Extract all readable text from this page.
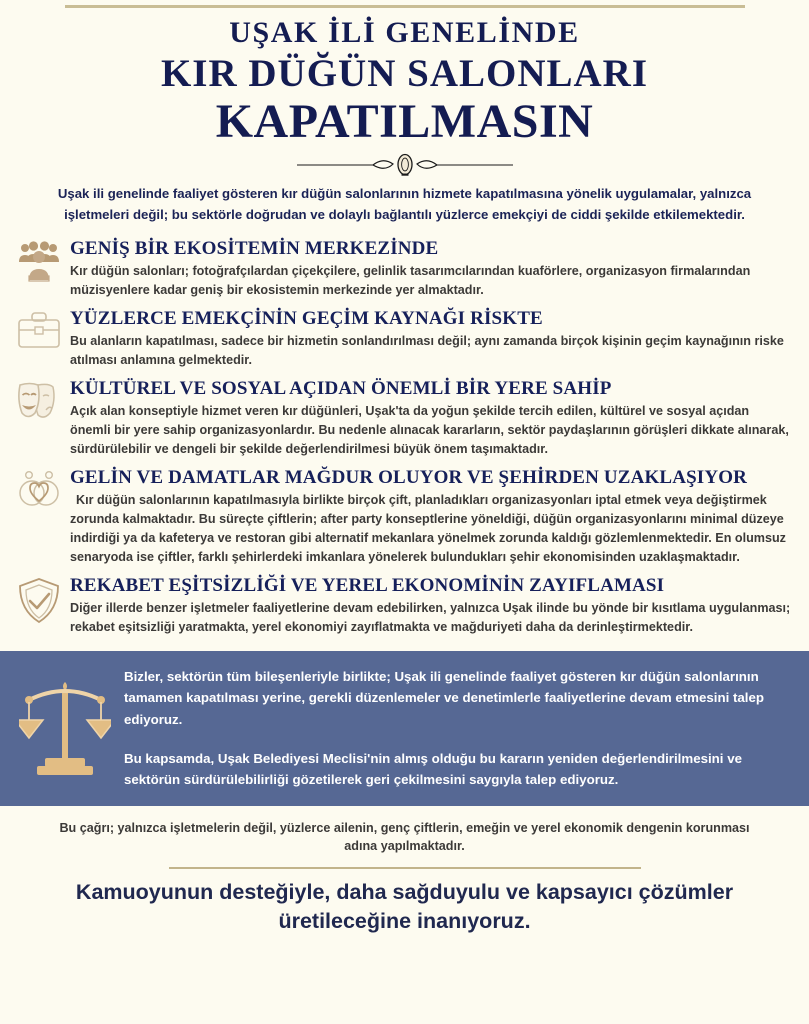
UŞAK İLİ GENELİNDE
KIR DÜĞÜN SALONLARI
KAPATILMASIN
Uşak ili genelinde faaliyet gösteren kır düğün salonlarının hizmete kapatılmasına yönelik uygulamalar, yalnızca işletmeleri değil; bu sektörle doğrudan ve dolaylı bağlantılı yüzlerce emekçiyi de ciddi şekilde etkilemektedir.
GENİŞ BİR EKOSİTEMİN MERKEZİNDE

Kır düğün salonları; fotoğrafçılardan çiçekçilere, gelinlik tasarımcılarından kuaförlere, organizasyon firmalarından müzisyenlere kadar geniş bir ekosistemin merkezinde yer almaktadır.

YÜZLERCE EMEKÇİNİN GEÇİM KAYNAĞI RİSKTE

Bu alanların kapatılması, sadece bir hizmetin sonlandırılması değil; aynı zamanda birçok kişinin geçim kaynağının riske atılması anlamına gelmektedir.

KÜLTÜREL VE SOSYAL AÇIDAN ÖNEMLİ BİR YERE SAHİP

Açık alan konseptiyle hizmet veren kır düğünleri, Uşak'ta da yoğun şekilde tercih edilen, kültürel ve sosyal açıdan önemli bir yere sahip organizasyonlardır. Bu nedenle alınacak kararların, sektör paydaşlarının görüşleri dikkate alınarak, sürdürülebilir ve dengeli bir şekilde değerlendirilmesi büyük önem taşımaktadır.

GELİN VE DAMATLAR MAĞDUR OLUYOR VE ŞEHİRDEN UZAKLAŞIYOR

Kır düğün salonlarının kapatılmasıyla birlikte birçok çift, planladıkları organizasyonları iptal etmek veya değiştirmek zorunda kalmaktadır. Bu süreçte çiftlerin; after party konseptlerine yöneldiği, düğün organizasyonlarını minimal düzeye indirdiği ya da kafeterya ve restoran gibi alternatif mekanlara yönelmek zorunda kaldığı gözlemlenmektedir. En olumsuz senaryoda ise çiftler, farklı şehirlerdeki imkanlara yönelerek bulundukları şehir ekonomisinden uzaklaşmaktadır.

REKABET EŞİTSİZLİĞİ VE YEREL EKONOMİNİN ZAYIFLAMASI

Diğer illerde benzer işletmeler faaliyetlerine devam edebilirken, yalnızca Uşak ilinde bu yönde bir kısıtlama uygulanması; rekabet eşitsizliği yaratmakta, yerel ekonomiyi zayıflatmakta ve mağduriyeti daha da derinleştirmektedir.

Bizler, sektörün tüm bileşenleriyle birlikte; Uşak ili genelinde faaliyet gösteren kır düğün salonlarının tamamen kapatılması yerine, gerekli düzenlemeler ve denetimlerle faaliyetlerine devam etmesini talep ediyoruz.

Bu kapsamda, Uşak Belediyesi Meclisi'nin almış olduğu bu kararın yeniden değerlendirilmesini ve sektörün sürdürülebilirliği gözetilerek geri çekilmesini saygıyla talep ediyoruz.

Bu çağrı; yalnızca işletmelerin değil, yüzlerce ailenin, genç çiftlerin, emeğin ve yerel ekonomik dengenin korunması adına yapılmaktadır.
Kamuoyunun desteğiyle, daha sağduyulu ve kapsayıcı çözümler üretileceğine inanıyoruz.
